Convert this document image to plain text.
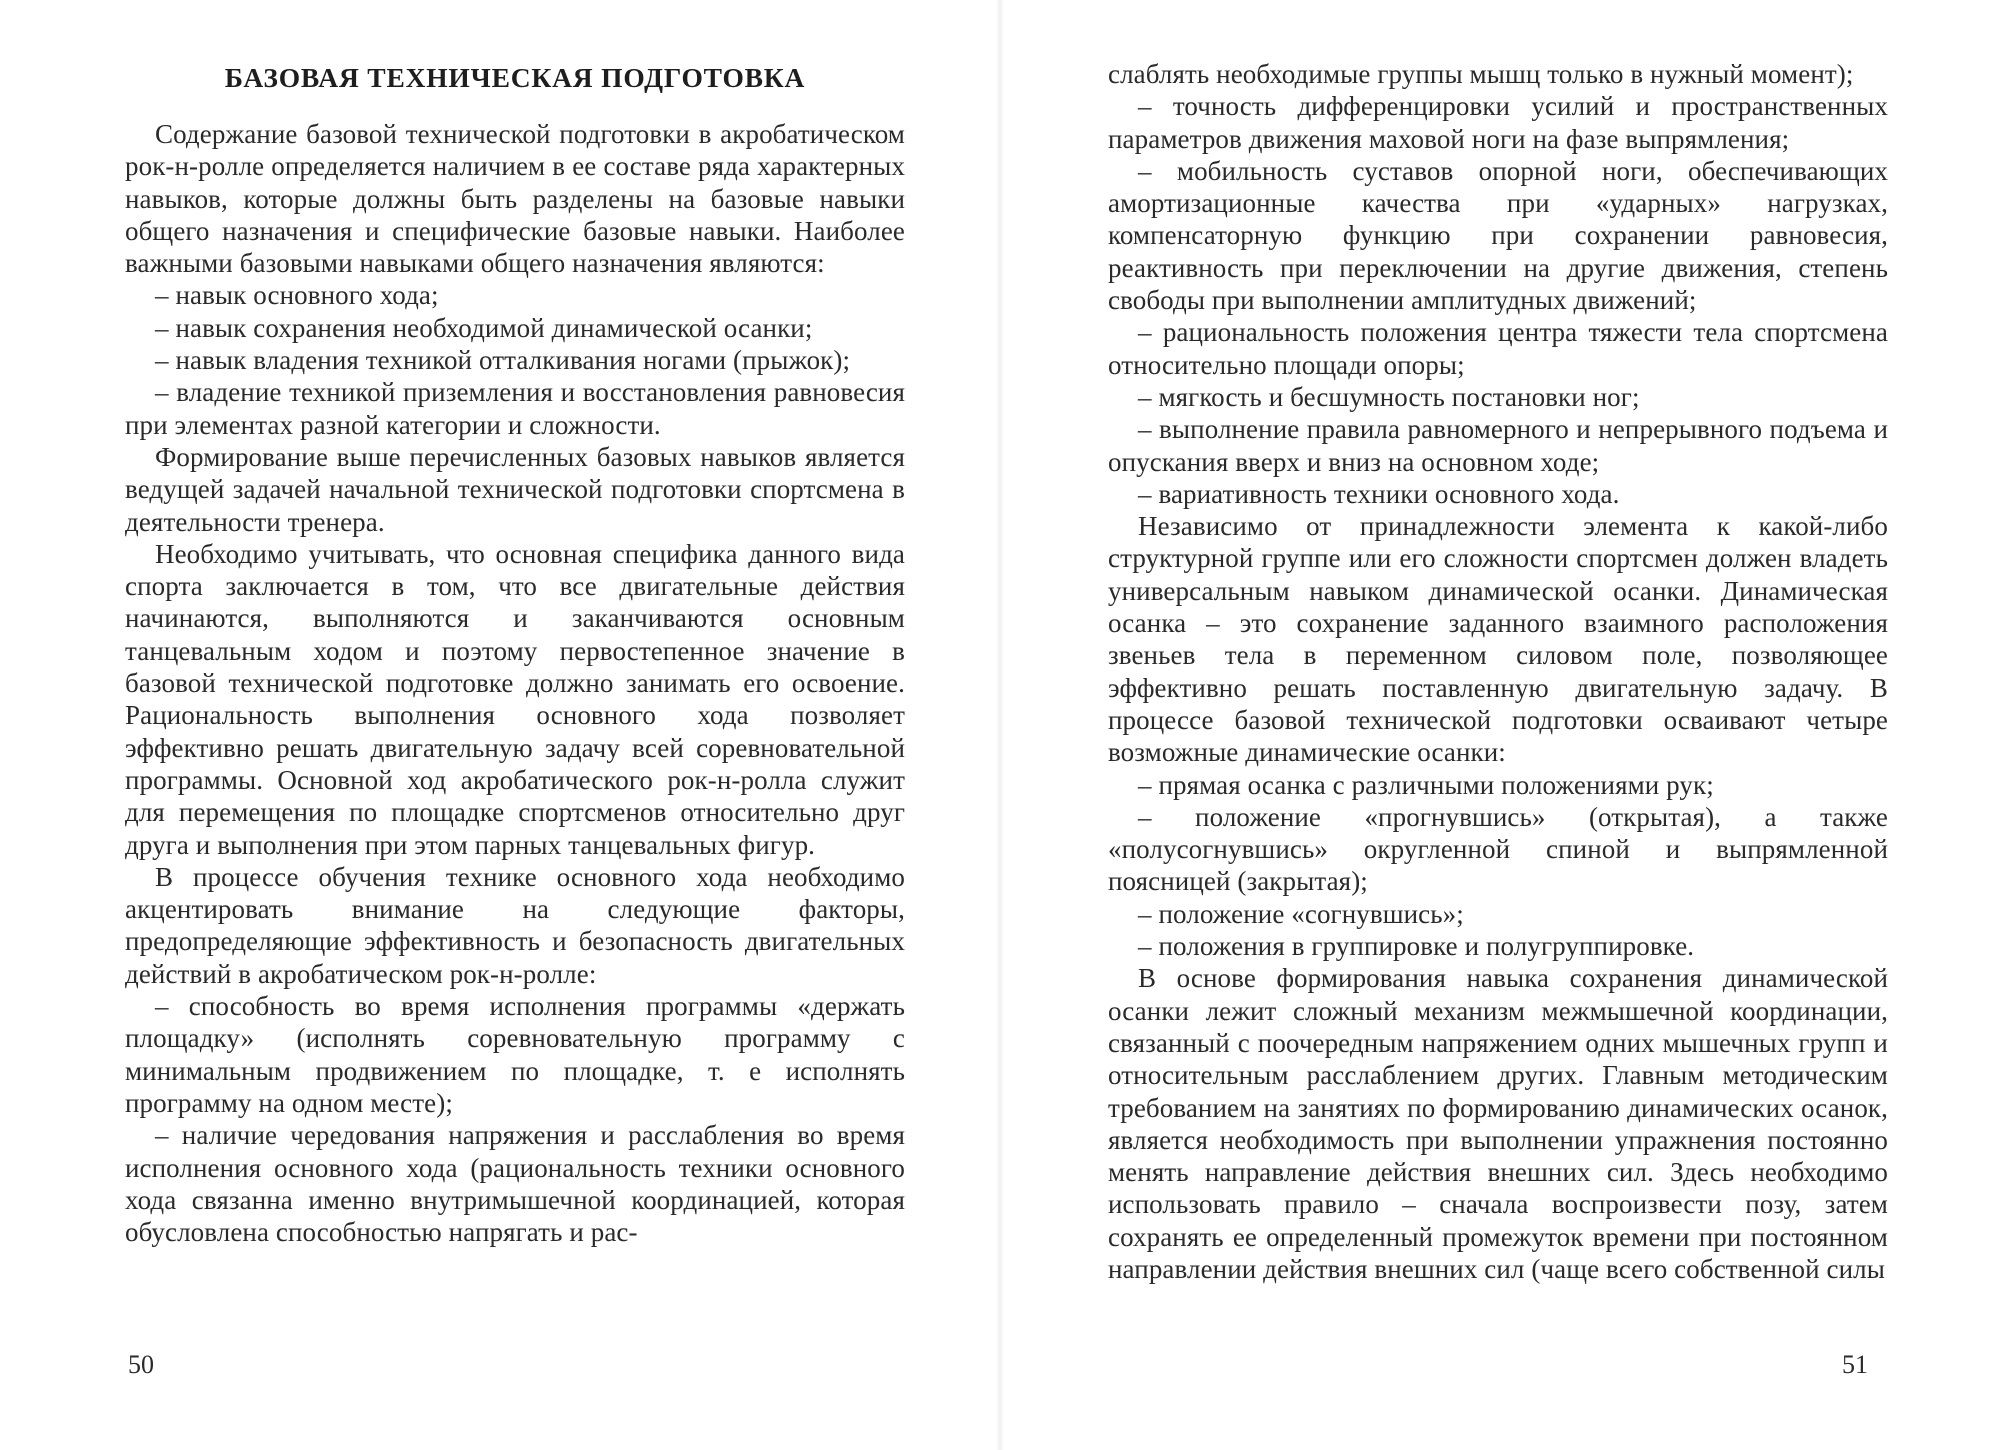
БАЗОВАЯ ТЕХНИЧЕСКАЯ ПОДГОТОВКА

Содержание базовой технической подготовки в акробатическом рок-н-ролле определяется наличием в ее составе ряда характерных навыков, которые должны быть разделены на базовые навыки общего назначения и специфические базовые навыки. Наиболее важными базовыми навыками общего назначения являются:

– навык основного хода;

– навык сохранения необходимой динамической осанки;

– навык владения техникой отталкивания ногами (прыжок);

– владение техникой приземления и восстановления равновесия при элементах разной категории и сложности.

Формирование выше перечисленных базовых навыков является ведущей задачей начальной технической подготовки спортсмена в деятельности тренера.

Необходимо учитывать, что основная специфика данного вида спорта заключается в том, что все двигательные действия начинаются, выполняются и заканчиваются основным танцевальным ходом и поэтому первостепенное значение в базовой технической подготовке должно занимать его освоение. Рациональность выполнения основного хода позволяет эффективно решать двигательную задачу всей соревновательной программы. Основной ход акробатического рок-н-ролла служит для перемещения по площадке спортсменов относительно друг друга и выполнения при этом парных танцевальных фигур.

В процессе обучения технике основного хода необходимо акцентировать внимание на следующие факторы, предопределяющие эффективность и безопасность двигательных действий в акробатическом рок-н-ролле:

– способность во время исполнения программы «держать площадку» (исполнять соревновательную программу с минимальным продвижением по площадке, т. е исполнять программу на одном месте);

– наличие чередования напряжения и расслабления во время исполнения основного хода (рациональность техники основного хода связанна именно внутримышечной координацией, которая обусловлена способностью напрягать и рас-

50

слаблять необходимые группы мышц только в нужный момент);

– точность дифференцировки усилий и пространственных параметров движения маховой ноги на фазе выпрямления;

– мобильность суставов опорной ноги, обеспечивающих амортизационные качества при «ударных» нагрузках, компенсаторную функцию при сохранении равновесия, реактивность при переключении на другие движения, степень свободы при выполнении амплитудных движений;

– рациональность положения центра тяжести тела спортсмена относительно площади опоры;

– мягкость и бесшумность постановки ног;

– выполнение правила равномерного и непрерывного подъема и опускания вверх и вниз на основном ходе;

– вариативность техники основного хода.

Независимо от принадлежности элемента к какой-либо структурной группе или его сложности спортсмен должен владеть универсальным навыком динамической осанки. Динамическая осанка – это сохранение заданного взаимного расположения звеньев тела в переменном силовом поле, позволяющее эффективно решать поставленную двигательную задачу. В процессе базовой технической подготовки осваивают четыре возможные динамические осанки:

– прямая осанка с различными положениями рук;

– положение «прогнувшись» (открытая), а также «полусогнувшись» округленной спиной и выпрямленной поясницей (закрытая);

– положение «согнувшись»;

– положения в группировке и полугруппировке.

В основе формирования навыка сохранения динамической осанки лежит сложный механизм межмышечной координации, связанный с поочередным напряжением одних мышечных групп и относительным расслаблением других. Главным методическим требованием на занятиях по формированию динамических осанок, является необходимость при выполнении упражнения постоянно менять направление действия внешних сил. Здесь необходимо использовать правило – сначала воспроизвести позу, затем сохранять ее определенный промежуток времени при постоянном направлении действия внешних сил (чаще всего собственной силы

51
